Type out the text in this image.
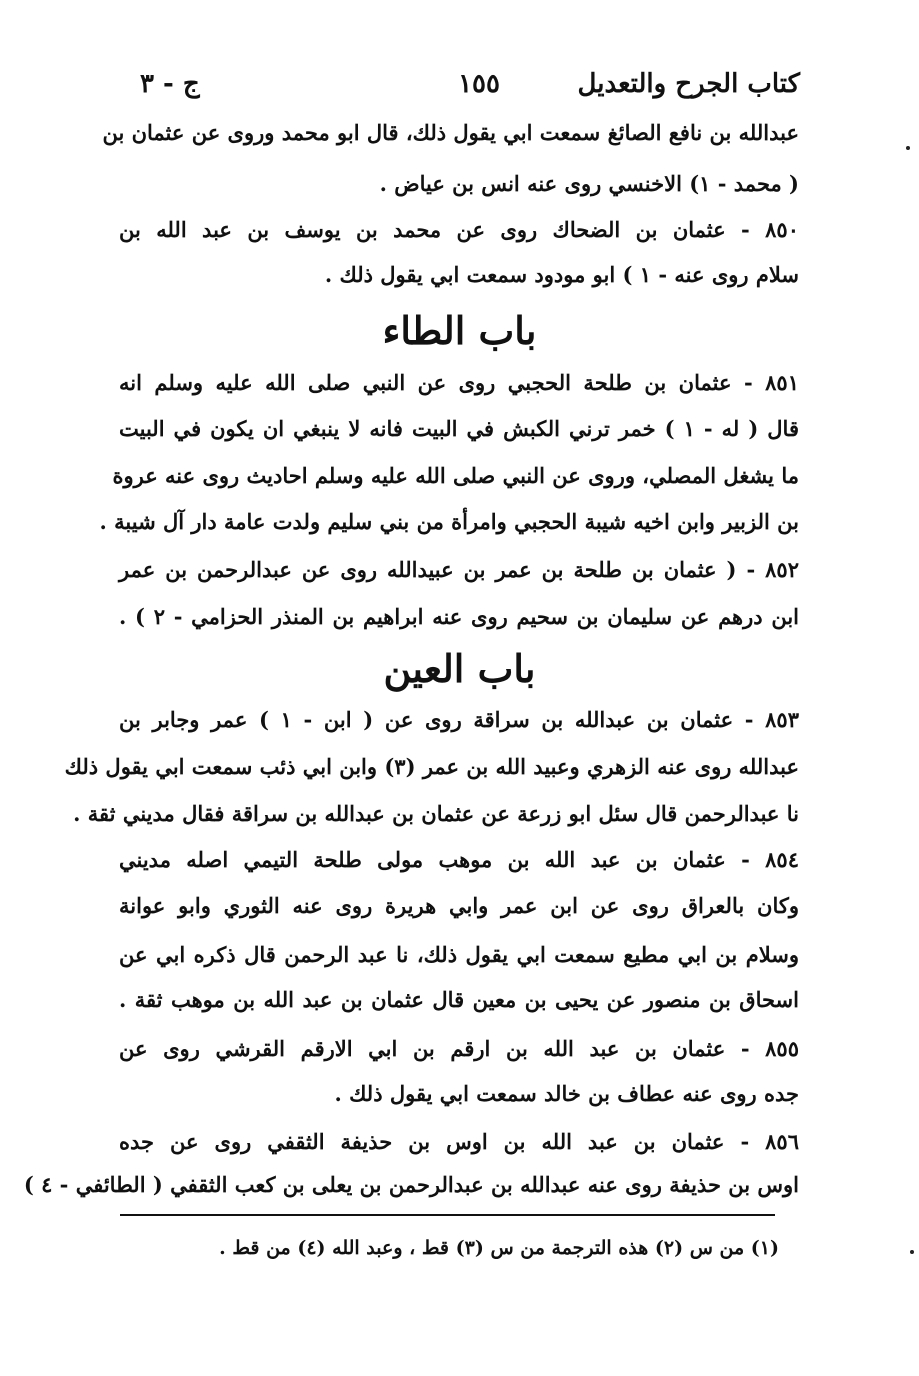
كتاب الجرح والتعديل
١٥٥
ج - ٣
عبدالله بن نافع الصائغ سمعت ابي يقول ذلك، قال ابو محمد وروى عن عثمان بن
( محمد - ١) الاخنسي روى عنه انس بن عياض .
٨٥٠ - عثمان بن الضحاك روى عن محمد بن يوسف بن عبد الله بن
سلام روى عنه - ١ ) ابو مودود سمعت ابي يقول ذلك .
باب الطاء
٨٥١ - عثمان بن طلحة الحجبي روى عن النبي صلى الله عليه وسلم انه
قال ( له - ١ ) خمر ترني الكبش في البيت فانه لا ينبغي ان يكون في البيت
ما يشغل المصلي، وروى عن النبي صلى الله عليه وسلم احاديث روى عنه عروة
بن الزبير وابن اخيه شيبة الحجبي وامرأة من بني سليم ولدت عامة دار آل شيبة .
٨٥٢ - ( عثمان بن طلحة بن عمر بن عبيدالله روى عن عبدالرحمن بن عمر
ابن درهم عن سليمان بن سحيم روى عنه ابراهيم بن المنذر الحزامي - ٢ ) .
باب العين
٨٥٣ - عثمان بن عبدالله بن سراقة روى عن ( ابن - ١ ) عمر وجابر بن
عبدالله روى عنه الزهري وعبيد الله بن عمر (٣) وابن ابي ذئب سمعت ابي يقول ذلك
نا عبدالرحمن قال سئل ابو زرعة عن عثمان بن عبدالله بن سراقة فقال مديني ثقة .
٨٥٤ - عثمان بن عبد الله بن موهب مولى طلحة التيمي اصله مديني
وكان بالعراق روى عن ابن عمر وابي هريرة روى عنه الثوري وابو عوانة
وسلام بن ابي مطيع سمعت ابي يقول ذلك، نا عبد الرحمن قال ذكره ابي عن
اسحاق بن منصور عن يحيى بن معين قال عثمان بن عبد الله بن موهب ثقة .
٨٥٥ - عثمان بن عبد الله بن ارقم بن ابي الارقم القرشي روى عن
جده روى عنه عطاف بن خالد سمعت ابي يقول ذلك .
٨٥٦ - عثمان بن عبد الله بن اوس بن حذيفة الثقفي روى عن جده
اوس بن حذيفة روى عنه عبدالله بن عبدالرحمن بن يعلى بن كعب الثقفي ( الطائفي - ٤ )
(١) من س (٢) هذه الترجمة من س (٣) قط ، وعبد الله (٤) من قط .
